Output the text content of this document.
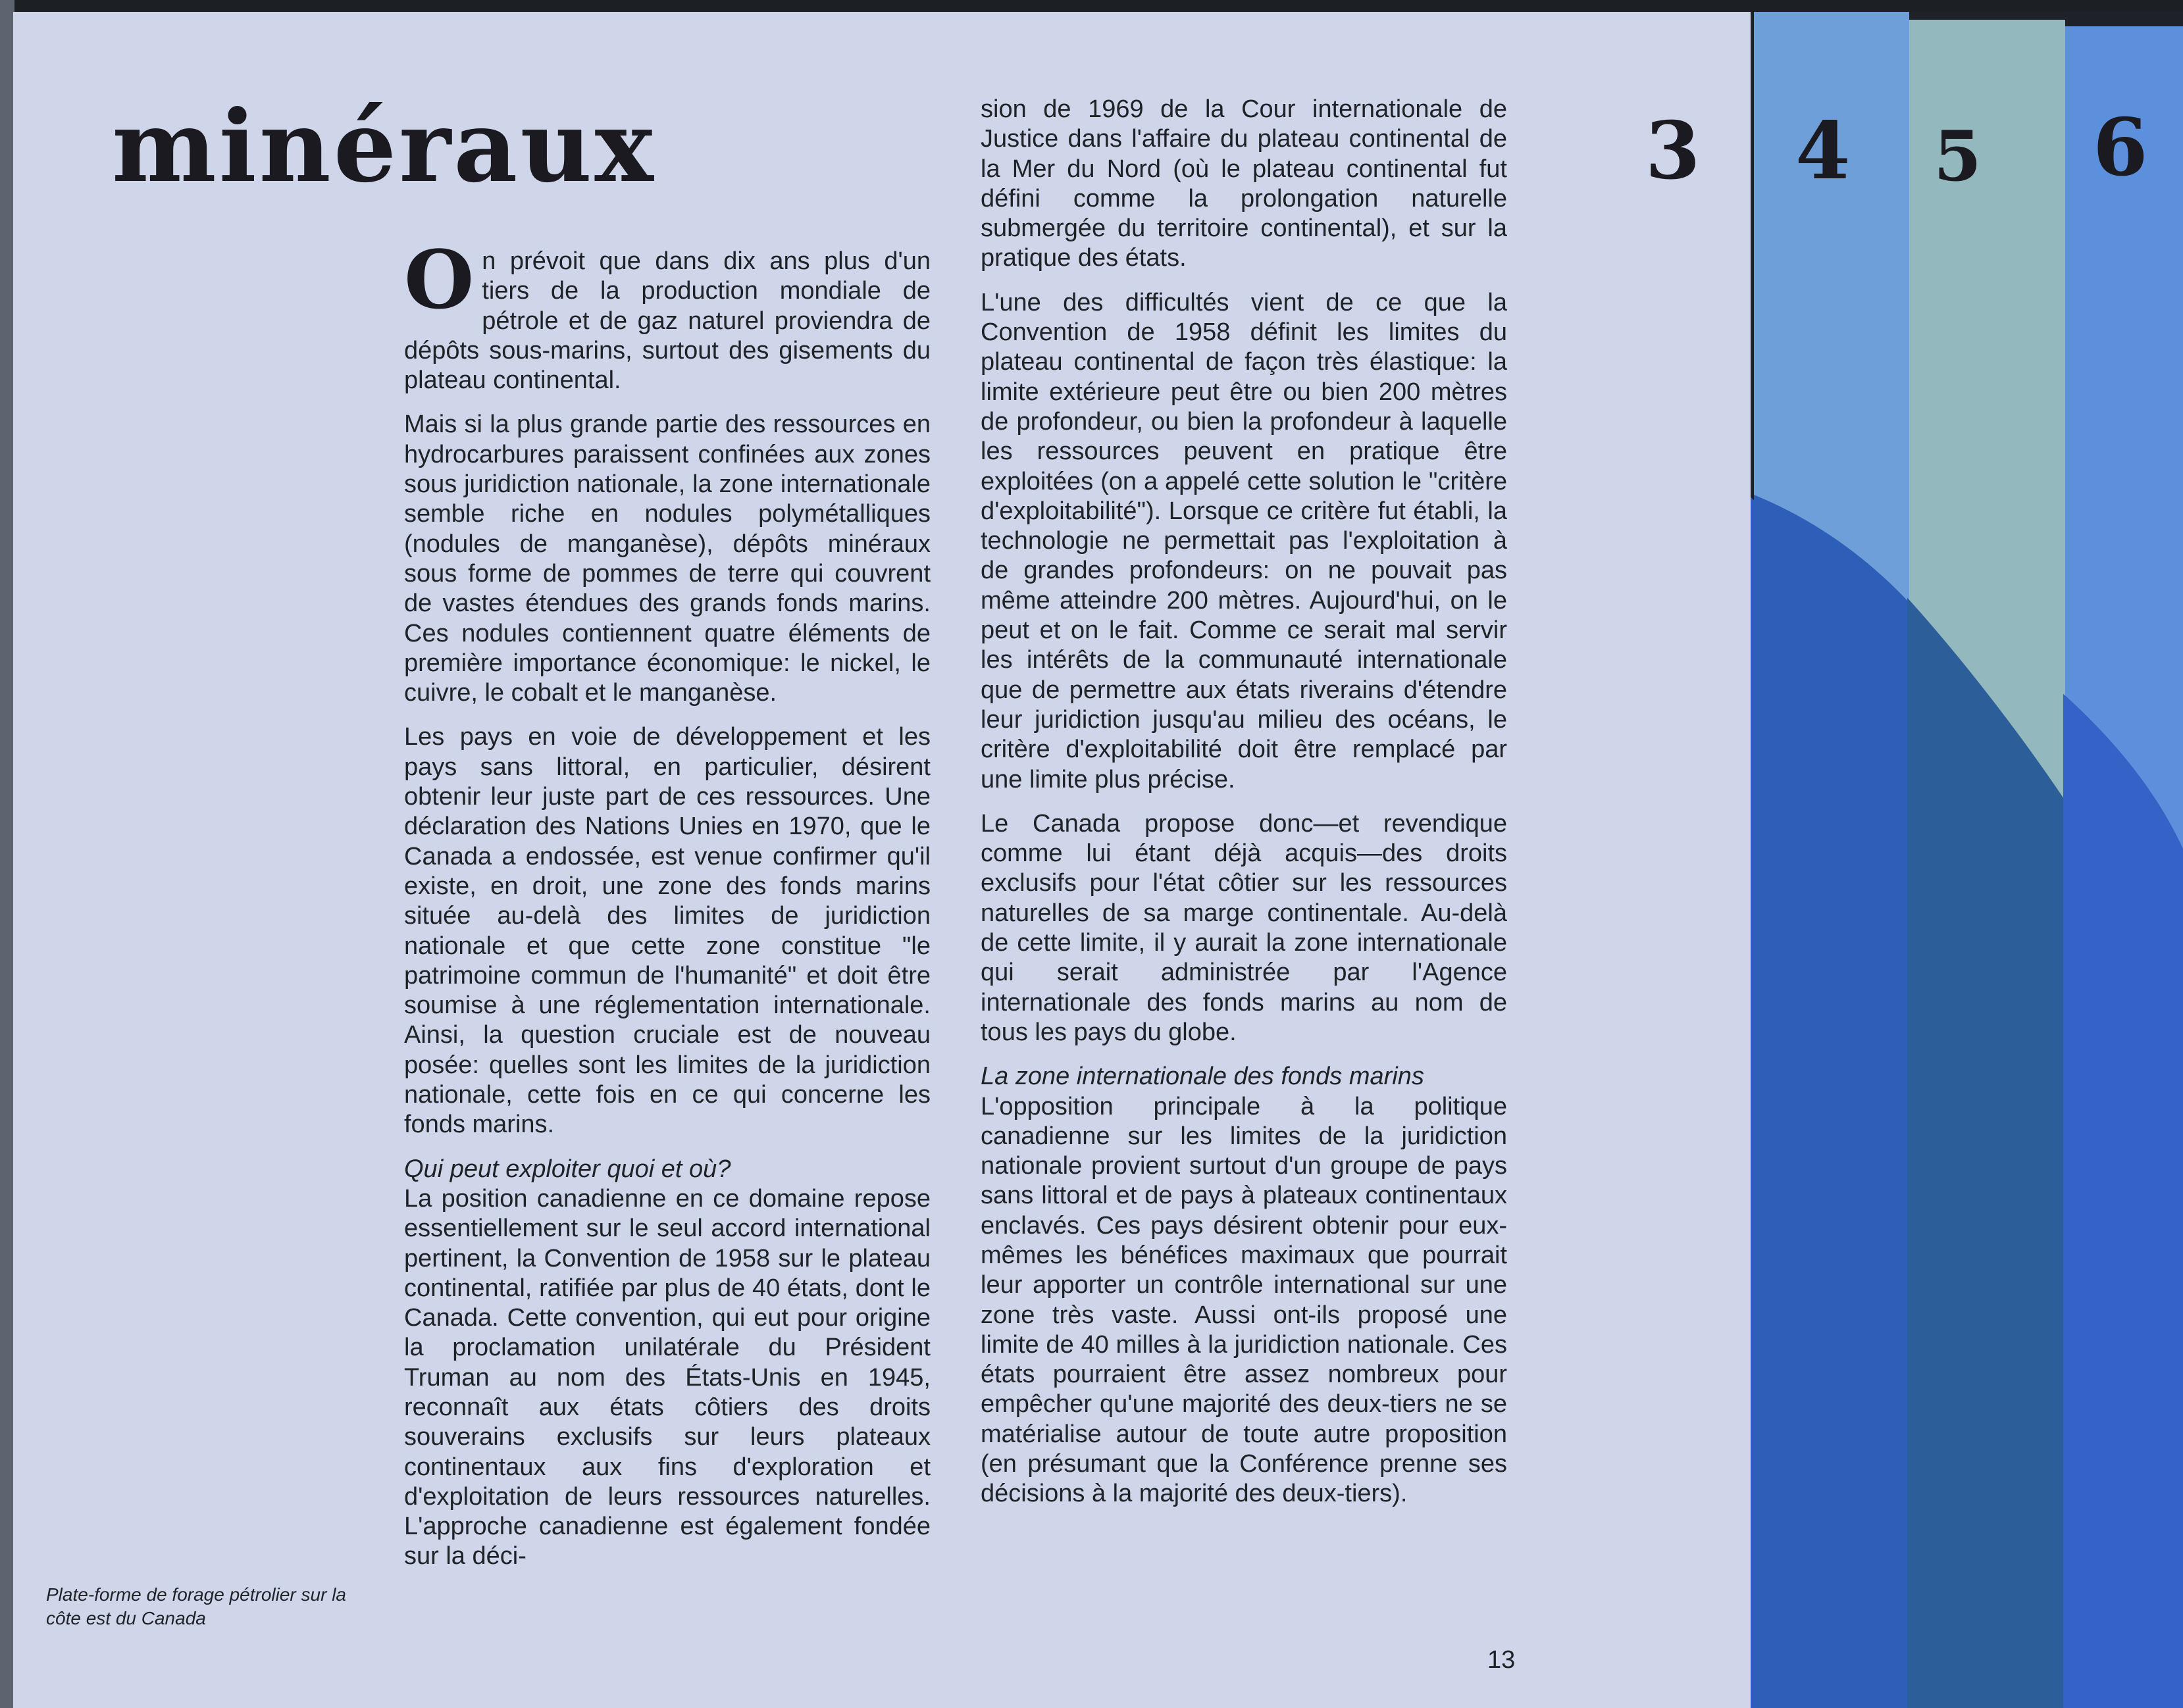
minéraux

On prévoit que dans dix ans plus d'un tiers de la production mondiale de pétrole et de gaz naturel proviendra de dépôts sous-marins, surtout des gisements du plateau continental.

Mais si la plus grande partie des ressources en hydrocarbures paraissent confinées aux zones sous juridiction nationale, la zone internationale semble riche en nodules polymétalliques (nodules de manganèse), dépôts minéraux sous forme de pommes de terre qui couvrent de vastes étendues des grands fonds marins. Ces nodules contiennent quatre éléments de première importance économique: le nickel, le cuivre, le cobalt et le manganèse.

Les pays en voie de développement et les pays sans littoral, en particulier, désirent obtenir leur juste part de ces ressources. Une déclaration des Nations Unies en 1970, que le Canada a endossée, est venue confirmer qu'il existe, en droit, une zone des fonds marins située au-delà des limites de juridiction nationale et que cette zone constitue "le patrimoine commun de l'humanité" et doit être soumise à une réglementation internationale. Ainsi, la question cruciale est de nouveau posée: quelles sont les limites de la juridiction nationale, cette fois en ce qui concerne les fonds marins.

Qui peut exploiter quoi et où?

La position canadienne en ce domaine repose essentiellement sur le seul accord international pertinent, la Convention de 1958 sur le plateau continental, ratifiée par plus de 40 états, dont le Canada. Cette convention, qui eut pour origine la proclamation unilatérale du Président Truman au nom des États-Unis en 1945, reconnaît aux états côtiers des droits souverains exclusifs sur leurs plateaux continentaux aux fins d'exploration et d'exploitation de leurs ressources naturelles. L'approche canadienne est également fondée sur la déci-

sion de 1969 de la Cour internationale de Justice dans l'affaire du plateau continental de la Mer du Nord (où le plateau continental fut défini comme la prolongation naturelle submergée du territoire continental), et sur la pratique des états.

L'une des difficultés vient de ce que la Convention de 1958 définit les limites du plateau continental de façon très élastique: la limite extérieure peut être ou bien 200 mètres de profondeur, ou bien la profondeur à laquelle les ressources peuvent en pratique être exploitées (on a appelé cette solution le "critère d'exploitabilité"). Lorsque ce critère fut établi, la technologie ne permettait pas l'exploitation à de grandes profondeurs: on ne pouvait pas même atteindre 200 mètres. Aujourd'hui, on le peut et on le fait. Comme ce serait mal servir les intérêts de la communauté internationale que de permettre aux états riverains d'étendre leur juridiction jusqu'au milieu des océans, le critère d'exploitabilité doit être remplacé par une limite plus précise.

Le Canada propose donc—et revendique comme lui étant déjà acquis—des droits exclusifs pour l'état côtier sur les ressources naturelles de sa marge continentale. Au-delà de cette limite, il y aurait la zone internationale qui serait administrée par l'Agence internationale des fonds marins au nom de tous les pays du globe.

La zone internationale des fonds marins

L'opposition principale à la politique canadienne sur les limites de la juridiction nationale provient surtout d'un groupe de pays sans littoral et de pays à plateaux continentaux enclavés. Ces pays désirent obtenir pour eux-mêmes les bénéfices maximaux que pourrait leur apporter un contrôle international sur une zone très vaste. Aussi ont-ils proposé une limite de 40 milles à la juridiction nationale. Ces états pourraient être assez nombreux pour empêcher qu'une majorité des deux-tiers ne se matérialise autour de toute autre proposition (en présumant que la Conférence prenne ses décisions à la majorité des deux-tiers).

Plate-forme de forage pétrolier sur la côte est du Canada
13
3 4 5 6
